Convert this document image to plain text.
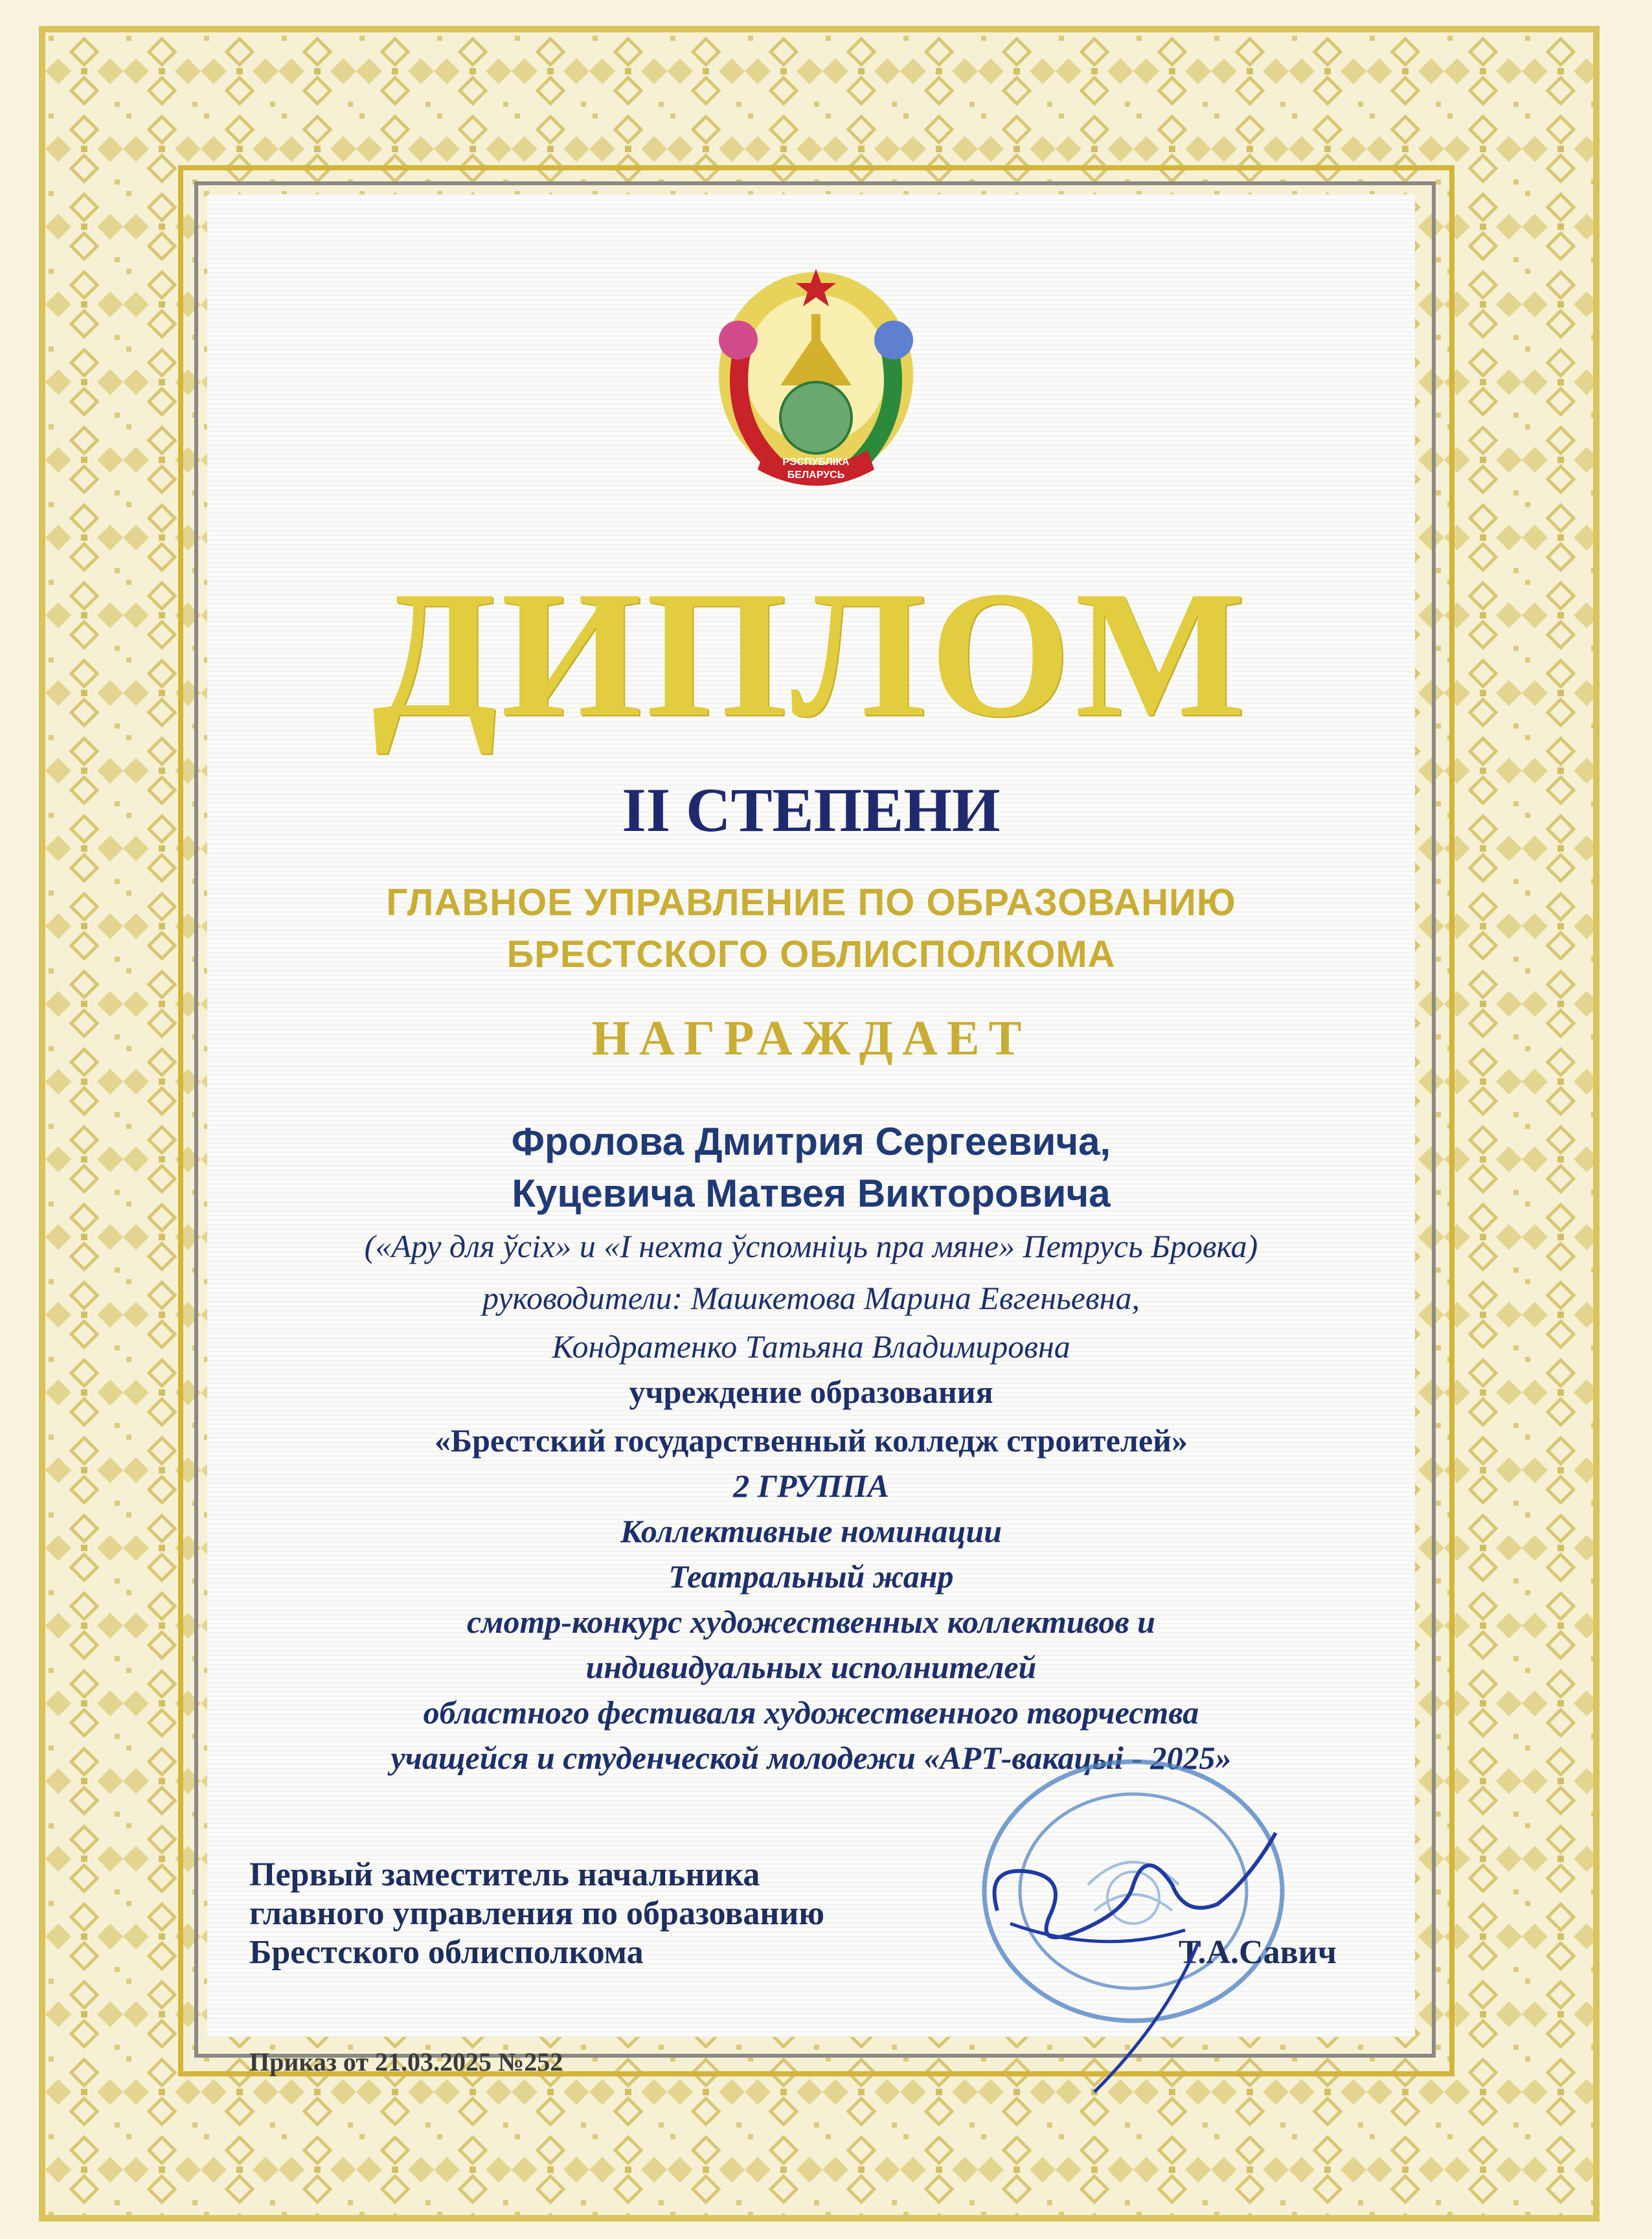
РЭСПУБЛІКА
БЕЛАРУСЬ
ДИПЛОМ
II СТЕПЕНИ
ГЛАВНОЕ УПРАВЛЕНИЕ ПО ОБРАЗОВАНИЮ
БРЕСТСКОГО ОБЛИСПОЛКОМА
НАГРАЖДАЕТ
Фролова Дмитрия Сергеевича,
Куцевича Матвея Викторовича
(«Ару для ўсіх» и «І нехта ўспомніць пра мяне» Петрусь Бровка)
руководители: Машкетова Марина Евгеньевна,
Кондратенко Татьяна Владимировна
учреждение образования
«Брестский государственный колледж строителей»
2 ГРУППА
Коллективные номинации
Театральный жанр
смотр-конкурс художественных коллективов и
индивидуальных исполнителей
областного фестиваля художественного творчества
учащейся и студенческой молодежи «АРТ-вакацыі - 2025»
Первый заместитель начальника
главного управления по образованию
Брестского облисполкома	Т.А.Савич
Приказ от 21.03.2025 №252
